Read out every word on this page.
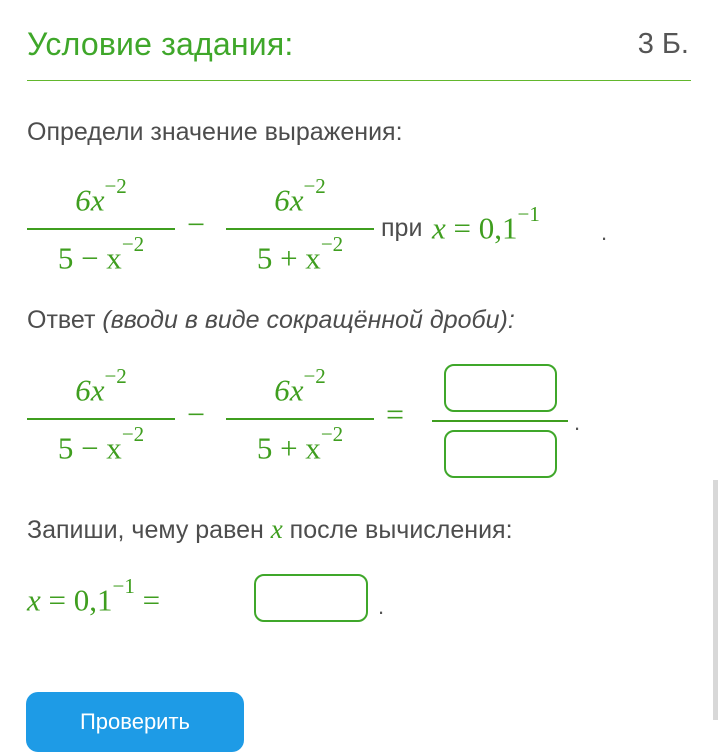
Условие задания:	3 Б.
Определи значение выражения:
$6x^{-2}$
$5 - x^{-2}$
−
$6x^{-2}$
$5 + x^{-2}$
при $x = 0,1^{-1}$
.
Ответ (вводи в виде сокращённой дроби):
$6x^{-2}$
$5 - x^{-2}$
−
$6x^{-2}$
$5 + x^{-2}$
=	.
Запиши, чему равен x после вычисления:
$x = 0,1^{-1}$ =	.
Проверить
